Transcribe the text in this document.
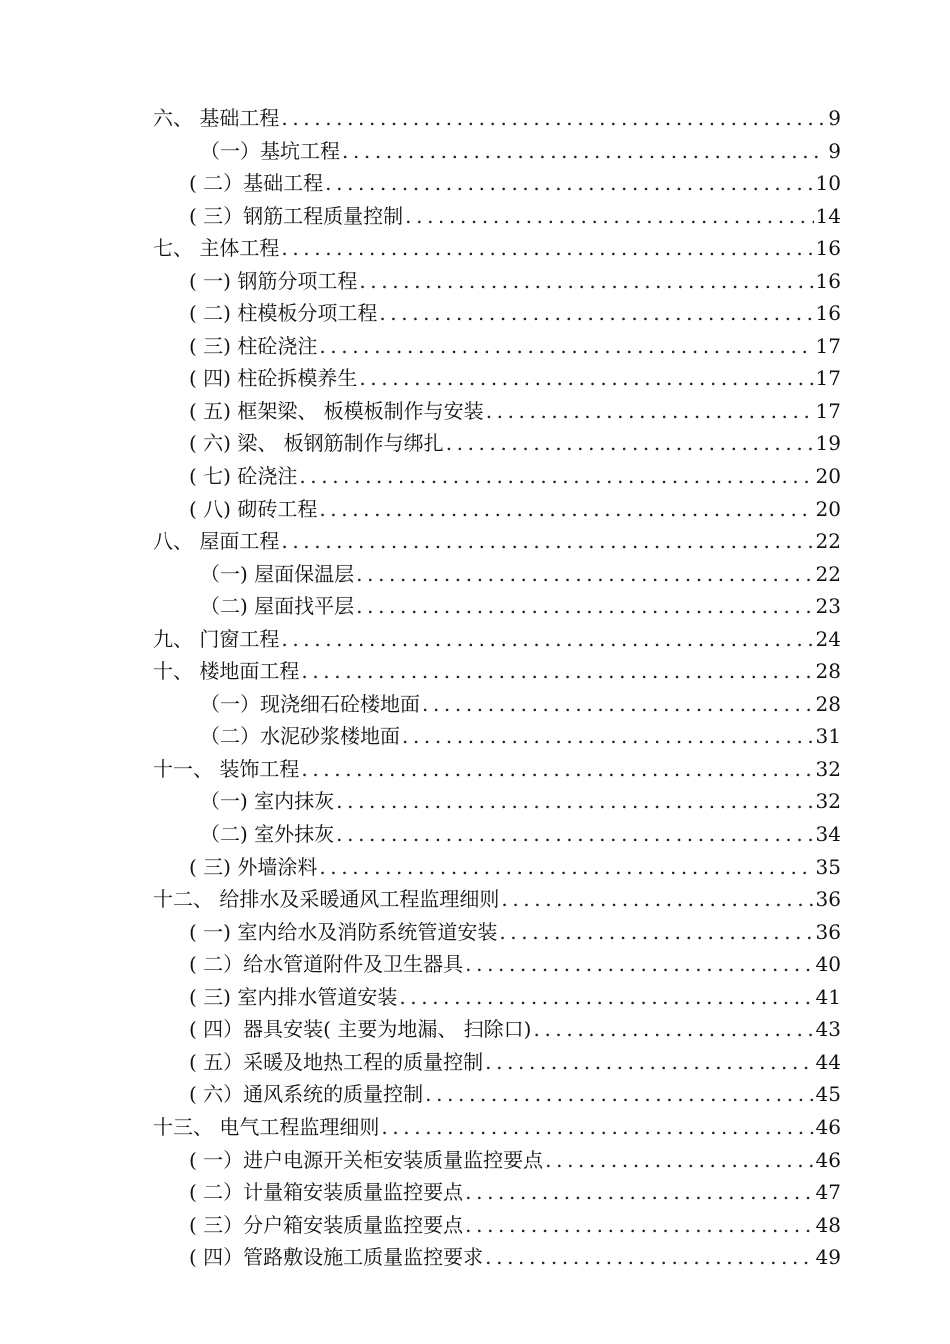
六、 基础工程 .....	9
（一）基坑工程 .....	9
( 二）基础工程 .....	10
( 三）钢筋工程质量控制 .....	14
七、 主体工程 .....	16
( 一) 钢筋分项工程 .....	16
( 二) 柱模板分项工程 .....	16
( 三) 柱砼浇注 .....	17
( 四) 柱砼拆模养生 .....	17
( 五) 框架梁、 板模板制作与安装 .....	17
( 六) 梁、 板钢筋制作与绑扎 .....	19
( 七) 砼浇注 .....	20
( 八) 砌砖工程 .....	20
八、 屋面工程 .....	22
（一) 屋面保温层 .....	22
（二) 屋面找平层 .....	23
九、 门窗工程 .....	24
十、 楼地面工程 .....	28
（一）现浇细石砼楼地面 .....	28
（二）水泥砂浆楼地面 .....	31
十一、 装饰工程 .....	32
（一) 室内抹灰 .....	32
（二) 室外抹灰 .....	34
( 三) 外墙涂料 .....	35
十二、 给排水及采暖通风工程监理细则 .....	36
( 一) 室内给水及消防系统管道安装 .....	36
( 二）给水管道附件及卫生器具 .....	40
( 三) 室内排水管道安装 .....	41
( 四）器具安装( 主要为地漏、 扫除口) .....	43
( 五）采暖及地热工程的质量控制 .....	44
( 六）通风系统的质量控制 .....	45
十三、 电气工程监理细则 .....	46
( 一）进户电源开关柜安装质量监控要点 .....	46
( 二）计量箱安装质量监控要点 .....	47
( 三）分户箱安装质量监控要点 .....	48
( 四）管路敷设施工质量监控要求 .....	49
